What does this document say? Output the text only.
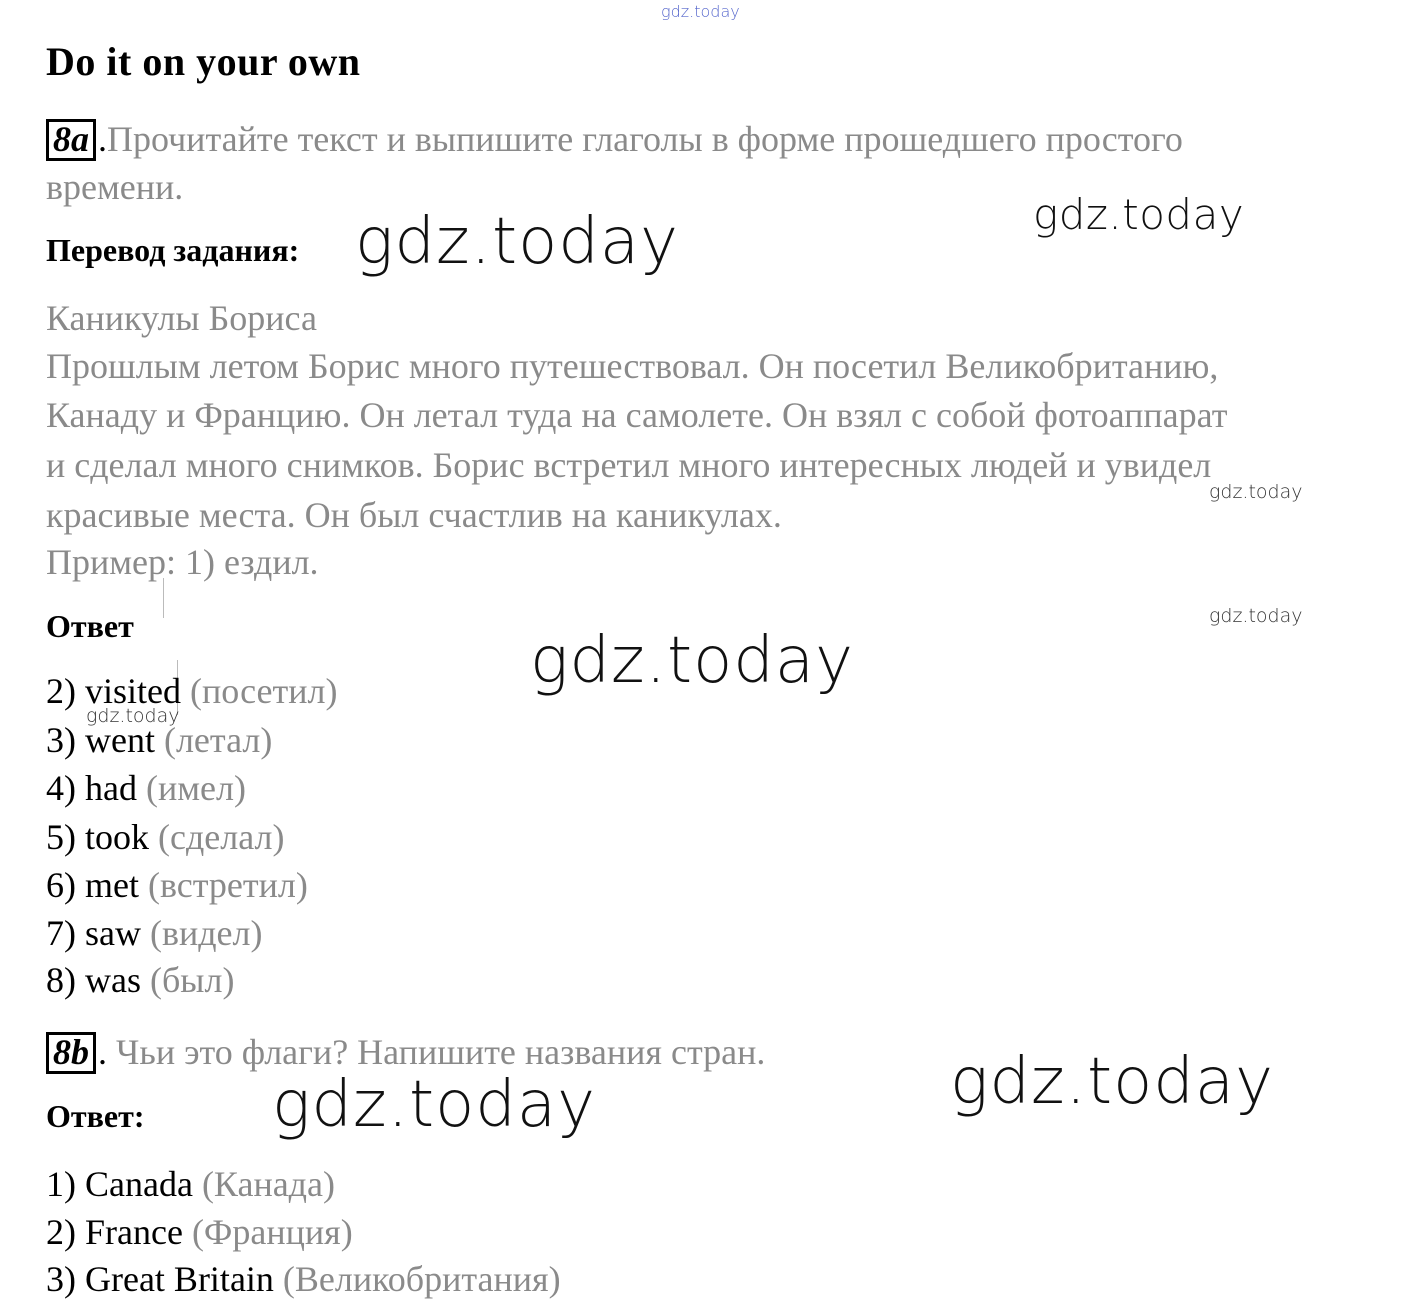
gdz.today
Do it on your own
8a .Прочитайте текст и выпишите глаголы в форме прошедшего простого
времени.
gdz.today
Перевод задания: gdz.today
Каникулы Бориса
Прошлым летом Борис много путешествовал. Он посетил Великобританию,
Канаду и Францию. Он летал туда на самолете. Он взял с собой фотоаппарат
и сделал много снимков. Борис встретил много интересных людей и увидел
красивые места. Он был счастлив на каникулах.
gdz.today
Пример: 1) ездил.
Ответ	gdz.today
gdz.today
2) visited (посетил)
gdz.today
3) went (летал)
4) had (имел)
5) took (сделал)
6) met (встретил)
7) saw (видел)
8) was (был)
8b . Чьи это флаги? Напишите названия стран.	gdz.today
Ответ: gdz.today
1) Canada (Канада)
2) France (Франция)
3) Great Britain (Великобритания)
